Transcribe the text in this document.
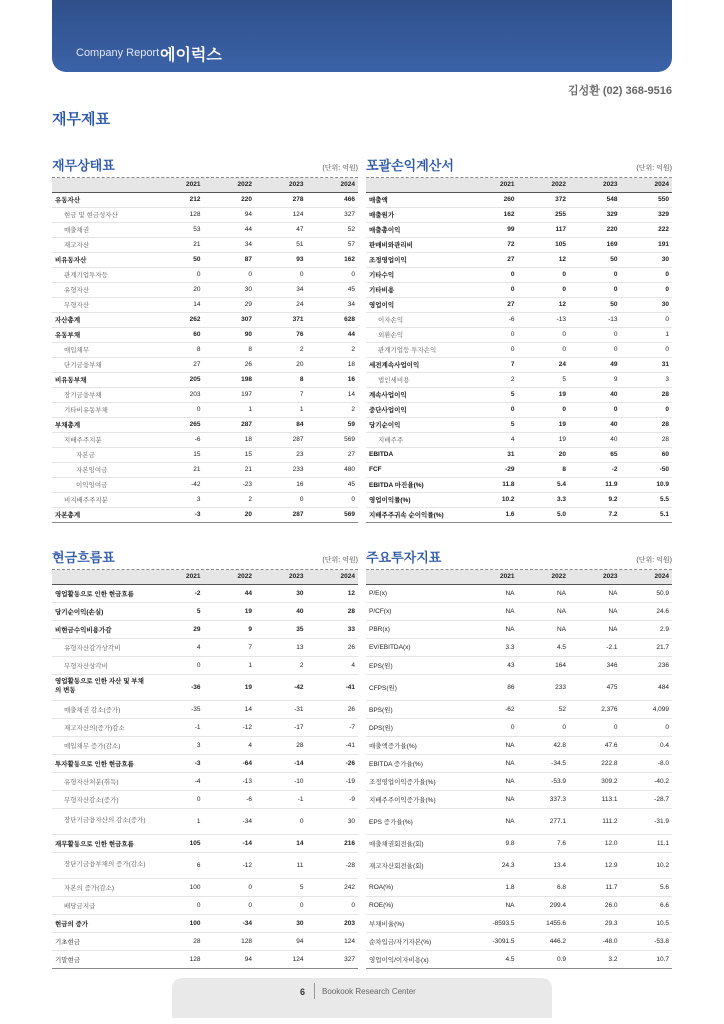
Company Report 에이럭스
김성환 (02) 368-9516
재무제표
재무상태표	(단위: 억원)
	2021	2022	2023	2024
유동자산	212	220	278	466
현금 및 현금성자산	128	94	124	327
매출채권	53	44	47	52
재고자산	21	34	51	57
비유동자산	50	87	93	162
관계기업투자등	0	0	0	0
유형자산	20	30	34	45
무형자산	14	29	24	34
자산총계	262	307	371	628
유동부채	60	90	76	44
매입채무	8	8	2	2
단기금융부채	27	26	20	18
비유동부채	205	198	8	16
장기금융부채	203	197	7	14
기타비유동부채	0	1	1	2
부채총계	265	287	84	59
지배주주지분	-6	18	287	569
자본금	15	15	23	27
자본잉여금	21	21	233	480
이익잉여금	-42	-23	16	45
비지배주주지분	3	2	0	0
자본총계	-3	20	287	569
포괄손익계산서	(단위: 억원)
	2021	2022	2023	2024
매출액	260	372	548	550
매출원가	162	255	329	329
매출총이익	99	117	220	222
판매비와관리비	72	105	169	191
조정영업이익	27	12	50	30
기타수익	0	0	0	0
기타비용	0	0	0	0
영업이익	27	12	50	30
이자손익	-6	-13	-13	0
외환손익	0	0	0	1
관계기업등 투자손익	0	0	0	0
세전계속사업이익	7	24	49	31
법인세비용	2	5	9	3
계속사업이익	5	19	40	28
중단사업이익	0	0	0	0
당기순이익	5	19	40	28
지배주주	4	19	40	28
EBITDA	31	20	65	60
FCF	-29	8	-2	-50
EBITDA 마진율(%)	11.8	5.4	11.9	10.9
영업이익률(%)	10.2	3.3	9.2	5.5
지배주주귀속 순이익률(%)	1.6	5.0	7.2	5.1
현금흐름표	(단위: 억원)
	2021	2022	2023	2024
영업활동으로 인한 현금흐름	-2	44	30	12
당기순이익(손실)	5	19	40	28
비현금수익비용가감	29	9	35	33
유형자산감가상각비	4	7	13	26
무형자산상각비	0	1	2	4
영업활동으로 인한 자산 및 부채의 변동	-36	19	-42	-41
매출채권 감소(증가)	-35	14	-31	26
재고자산의(증가)감소	-1	-12	-17	-7
매입채무 증가(감소)	3	4	28	-41
투자활동으로 인한 현금흐름	-3	-64	-14	-26
유형자산처분(취득)	-4	-13	-10	-19
무형자산감소(증가)	0	-6	-1	-9
장단기금융자산의 감소(증가)	1	-34	0	30
재무활동으로 인한 현금흐름	105	-14	14	216
장단기금융부채의 증가(감소)	6	-12	11	-28
자본의 증가(감소)	100	0	5	242
배당금지급	0	0	0	0
현금의 증가	100	-34	30	203
기초현금	28	128	94	124
기말현금	128	94	124	327
주요투자지표	(단위: 억원)
	2021	2022	2023	2024
P/E(x)	NA	NA	NA	50.9
P/CF(x)	NA	NA	NA	24.6
PBR(x)	NA	NA	NA	2.9
EV/EBITDA(x)	3.3	4.5	-2.1	21.7
EPS(원)	43	164	346	236
CFPS(원)	86	233	475	484
BPS(원)	-62	52	2,376	4,099
DPS(원)	0	0	0	0
매출액증가율(%)	NA	42.8	47.6	0.4
EBITDA 증가율(%)	NA	-34.5	222.8	-8.0
조정영업이익증가율(%)	NA	-53.9	309.2	-40.2
지배주주이익증가율(%)	NA	337.3	113.1	-28.7
EPS 증가율(%)	NA	277.1	111.2	-31.9
매출채권회전율(회)	9.8	7.6	12.0	11.1
재고자산회전율(회)	24.3	13.4	12.9	10.2
ROA(%)	1.8	6.8	11.7	5.6
ROE(%)	NA	299.4	26.0	6.6
부채비율(%)	-8593.5	1455.6	29.3	10.5
순차입금/자기자본(%)	-3091.5	446.2	-48.0	-53.8
영업이익/이자비용(x)	4.5	0.9	3.2	10.7
6 Bookook Research Center
